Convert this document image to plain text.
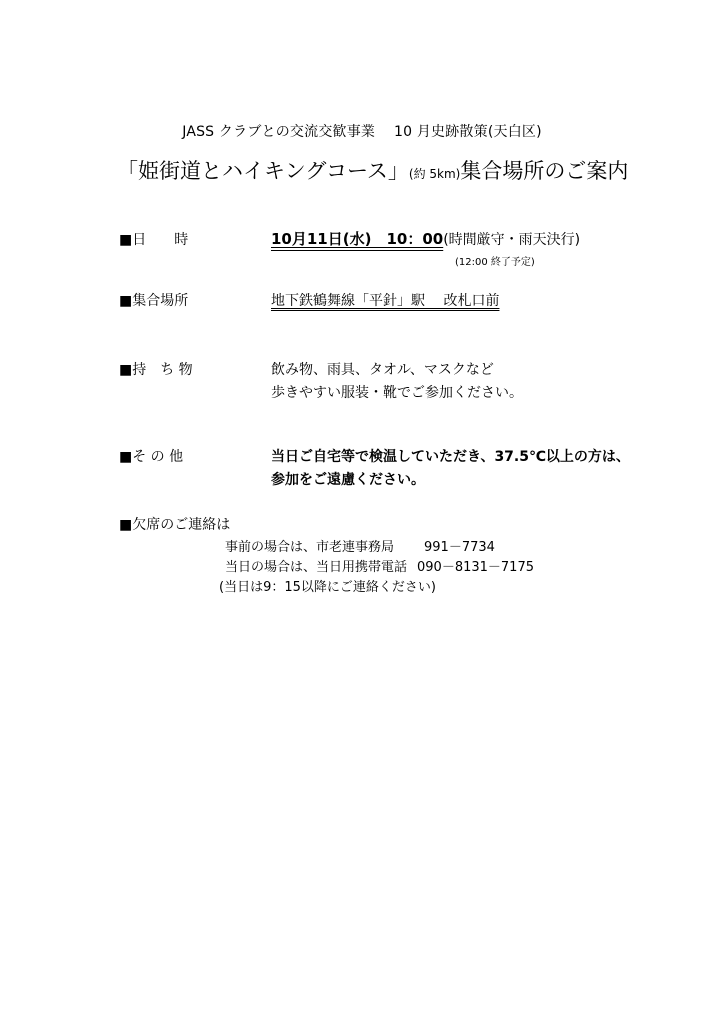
JASS クラブとの交流交歓事業　 10 月史跡散策(天白区)
「姫街道とハイキングコース」(約 5km)集合場所のご案内
■日　　時	10月11日(水)　10：00(時間厳守・雨天決行)
(12:00 終了予定)
■集合場所	地下鉄鶴舞線「平針」駅　 改札口前
■持　ち 物	飲み物、雨具、タオル、マスクなど
歩きやすい服装・靴でご参加ください。
■そ の 他	当日ご自宅等で検温していただき、37.5℃以上の方は、
参加をご遠慮ください。
■欠席のご連絡は
事前の場合は、市老連事務局 991－7734
当日の場合は、当日用携帯電話 090－8131－7175
(当日は9：15以降にご連絡ください)
